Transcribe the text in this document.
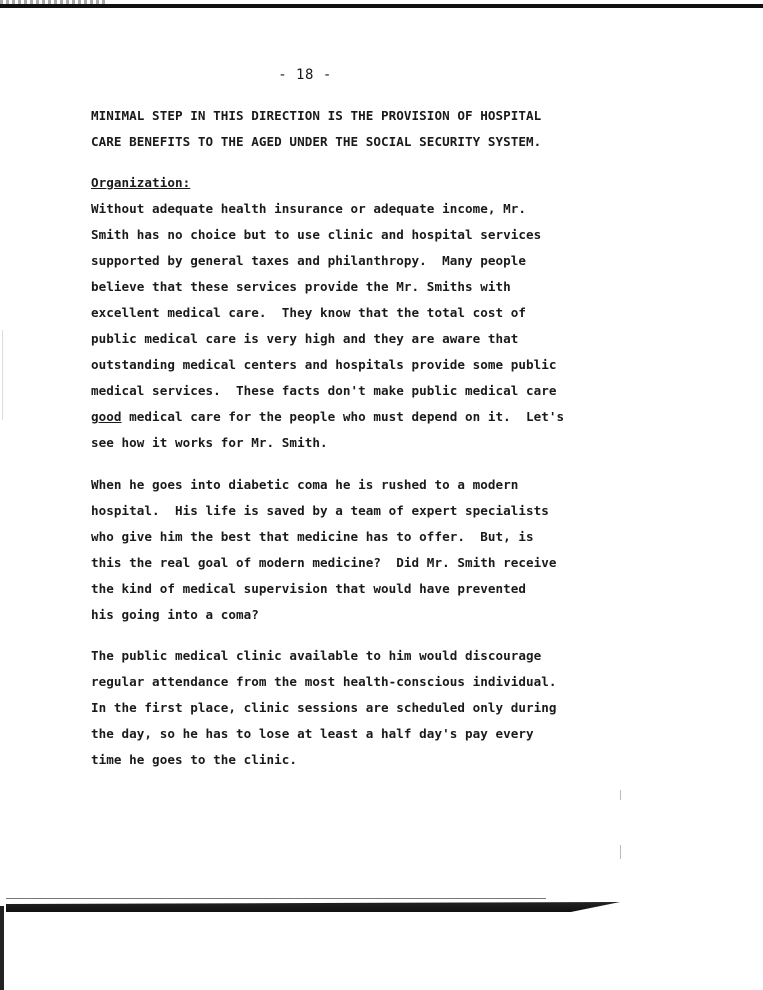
- 18 -
MINIMAL STEP IN THIS DIRECTION IS THE PROVISION OF HOSPITAL
CARE BENEFITS TO THE AGED UNDER THE SOCIAL SECURITY SYSTEM.
Organization:
Without adequate health insurance or adequate income, Mr.
Smith has no choice but to use clinic and hospital services
supported by general taxes and philanthropy.  Many people
believe that these services provide the Mr. Smiths with
excellent medical care.  They know that the total cost of
public medical care is very high and they are aware that
outstanding medical centers and hospitals provide some public
medical services.  These facts don't make public medical care
good medical care for the people who must depend on it.  Let's
see how it works for Mr. Smith.
When he goes into diabetic coma he is rushed to a modern
hospital.  His life is saved by a team of expert specialists
who give him the best that medicine has to offer.  But, is
this the real goal of modern medicine?  Did Mr. Smith receive
the kind of medical supervision that would have prevented
his going into a coma?
The public medical clinic available to him would discourage
regular attendance from the most health-conscious individual.
In the first place, clinic sessions are scheduled only during
the day, so he has to lose at least a half day's pay every
time he goes to the clinic.
